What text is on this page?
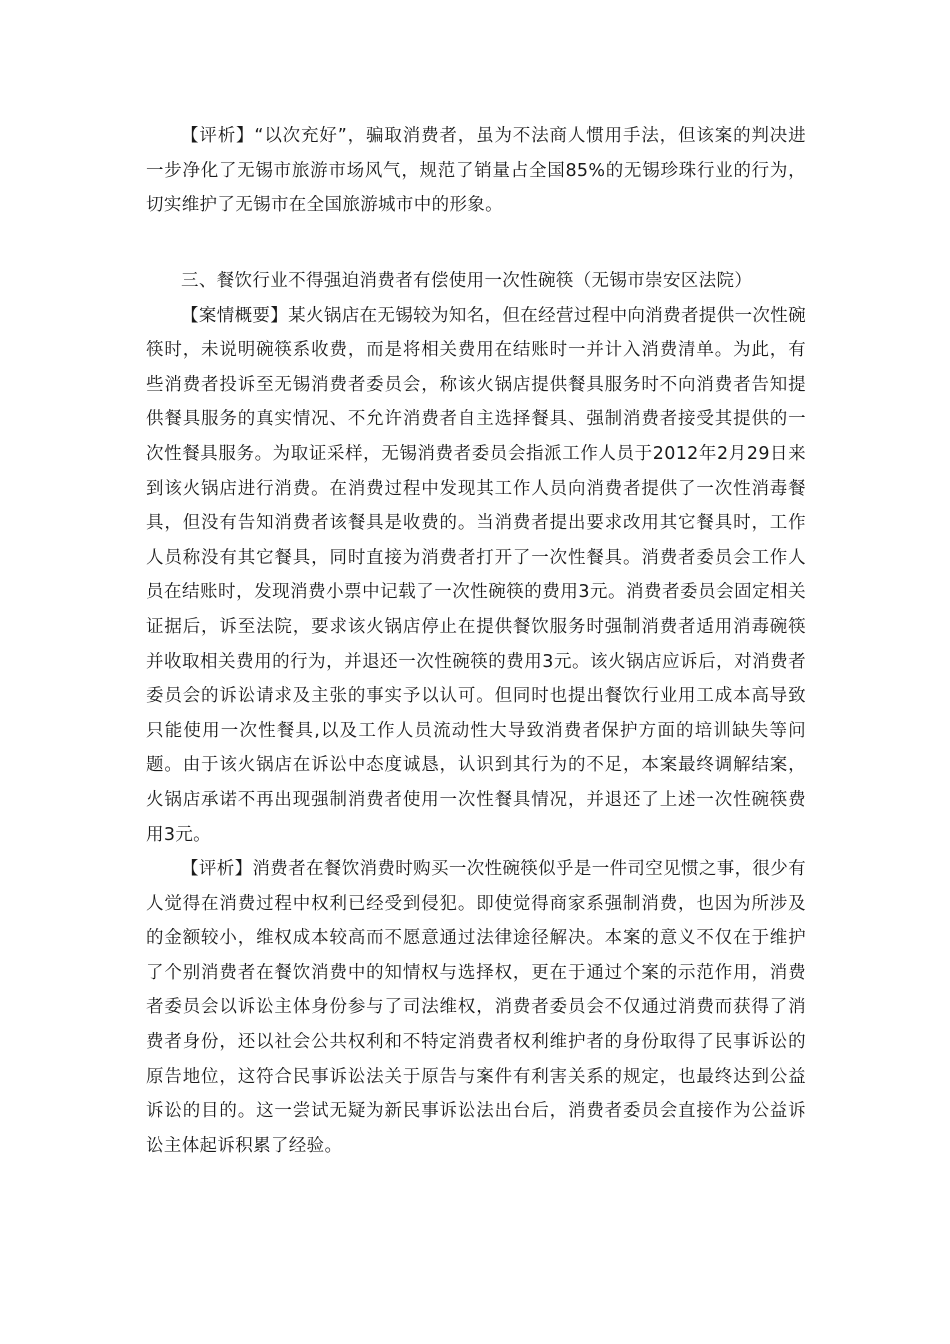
【评析】“以次充好”，骗取消费者，虽为不法商人惯用手法，但该案的判决进一步净化了无锡市旅游市场风气，规范了销量占全国85%的无锡珍珠行业的行为，切实维护了无锡市在全国旅游城市中的形象。

三、餐饮行业不得强迫消费者有偿使用一次性碗筷（无锡市崇安区法院）

【案情概要】某火锅店在无锡较为知名，但在经营过程中向消费者提供一次性碗筷时，未说明碗筷系收费，而是将相关费用在结账时一并计入消费清单。为此，有些消费者投诉至无锡消费者委员会，称该火锅店提供餐具服务时不向消费者告知提供餐具服务的真实情况、不允许消费者自主选择餐具、强制消费者接受其提供的一次性餐具服务。为取证采样，无锡消费者委员会指派工作人员于2012年2月29日来到该火锅店进行消费。在消费过程中发现其工作人员向消费者提供了一次性消毒餐具，但没有告知消费者该餐具是收费的。当消费者提出要求改用其它餐具时，工作人员称没有其它餐具，同时直接为消费者打开了一次性餐具。消费者委员会工作人员在结账时，发现消费小票中记载了一次性碗筷的费用3元。消费者委员会固定相关证据后，诉至法院，要求该火锅店停止在提供餐饮服务时强制消费者适用消毒碗筷并收取相关费用的行为，并退还一次性碗筷的费用3元。该火锅店应诉后，对消费者委员会的诉讼请求及主张的事实予以认可。但同时也提出餐饮行业用工成本高导致只能使用一次性餐具,以及工作人员流动性大导致消费者保护方面的培训缺失等问题。由于该火锅店在诉讼中态度诚恳，认识到其行为的不足，本案最终调解结案，火锅店承诺不再出现强制消费者使用一次性餐具情况，并退还了上述一次性碗筷费用3元。

【评析】消费者在餐饮消费时购买一次性碗筷似乎是一件司空见惯之事，很少有人觉得在消费过程中权利已经受到侵犯。即使觉得商家系强制消费，也因为所涉及的金额较小，维权成本较高而不愿意通过法律途径解决。本案的意义不仅在于维护了个别消费者在餐饮消费中的知情权与选择权，更在于通过个案的示范作用，消费者委员会以诉讼主体身份参与了司法维权，消费者委员会不仅通过消费而获得了消费者身份，还以社会公共权利和不特定消费者权利维护者的身份取得了民事诉讼的原告地位，这符合民事诉讼法关于原告与案件有利害关系的规定，也最终达到公益诉讼的目的。这一尝试无疑为新民事诉讼法出台后，消费者委员会直接作为公益诉讼主体起诉积累了经验。
